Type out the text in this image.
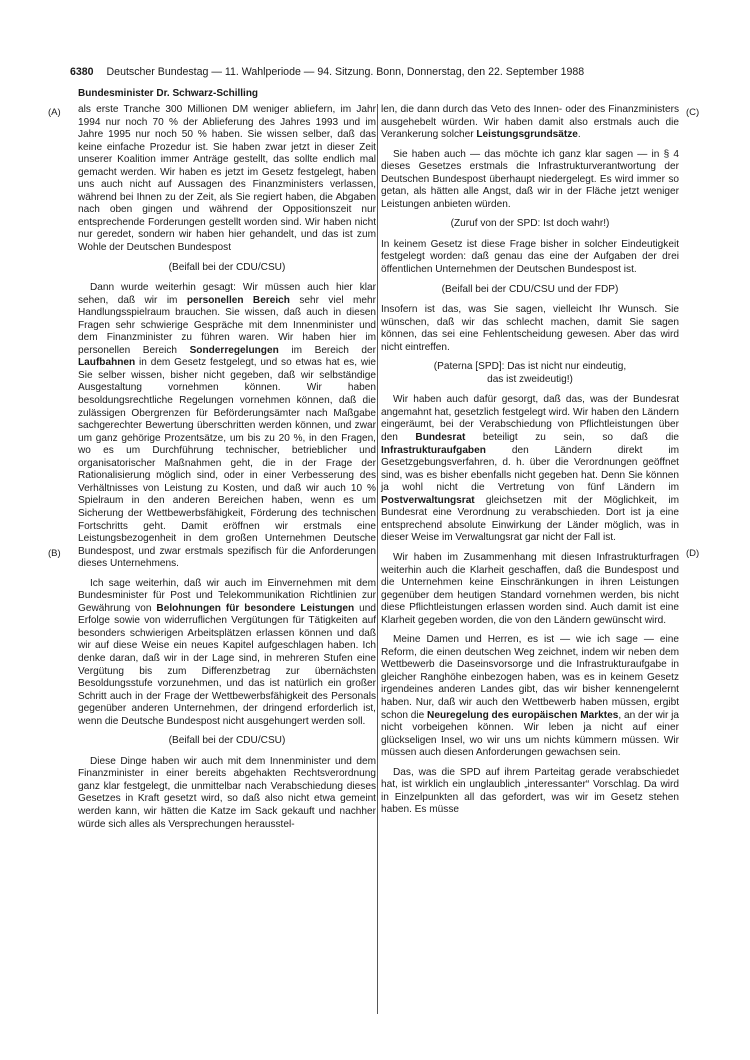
6380 Deutscher Bundestag — 11. Wahlperiode — 94. Sitzung. Bonn, Donnerstag, den 22. September 1988
Bundesminister Dr. Schwarz-Schilling
(A)
(B)
(C)
(D)

als erste Tranche 300 Millionen DM weniger abliefern, im Jahr 1994 nur noch 70 % der Ablieferung des Jahres 1993 und im Jahre 1995 nur noch 50 % haben. Sie wissen selber, daß das keine einfache Prozedur ist. Sie haben zwar jetzt in dieser Zeit unserer Koalition immer Anträge gestellt, das sollte endlich mal gemacht werden. Wir haben es jetzt im Gesetz festgelegt, haben uns auch nicht auf Aussagen des Finanzministers verlassen, während bei Ihnen zu der Zeit, als Sie regiert haben, die Abgaben nach oben gingen und während der Oppositionszeit nur entsprechende Forderungen gestellt worden sind. Wir haben nicht nur geredet, sondern wir haben hier gehandelt, und das ist zum Wohle der Deutschen Bundespost

(Beifall bei der CDU/CSU)

Dann wurde weiterhin gesagt: Wir müssen auch hier klar sehen, daß wir im personellen Bereich sehr viel mehr Handlungsspielraum brauchen. Sie wissen, daß auch in diesen Fragen sehr schwierige Gespräche mit dem Innenminister und dem Finanzminister zu führen waren. Wir haben hier im personellen Bereich Sonderregelungen im Bereich der Laufbahnen in dem Gesetz festgelegt, und so etwas hat es, wie Sie selber wissen, bisher nicht gegeben, daß wir selbständige Ausgestaltung vornehmen können. Wir haben besoldungsrechtliche Regelungen vornehmen können, daß die zulässigen Obergrenzen für Beförderungsämter nach Maßgabe sachgerechter Bewertung überschritten werden können, und zwar um ganz gehörige Prozentsätze, um bis zu 20 %, in den Fragen, wo es um Durchführung technischer, betrieblicher und organisatorischer Maßnahmen geht, die in der Frage der Rationalisierung möglich sind, oder in einer Verbesserung des Verhältnisses von Leistung zu Kosten, und daß wir auch 10 % Spielraum in den anderen Bereichen haben, wenn es um Sicherung der Wettbewerbsfähigkeit, Förderung des technischen Fortschritts geht. Damit eröffnen wir erstmals eine Leistungsbezogenheit in dem großen Unternehmen Deutsche Bundespost, und zwar erstmals spezifisch für die Anforderungen dieses Unternehmens.

Ich sage weiterhin, daß wir auch im Einvernehmen mit dem Bundesminister für Post und Telekommunikation Richtlinien zur Gewährung von Belohnungen für besondere Leistungen und Erfolge sowie von widerruflichen Vergütungen für Tätigkeiten auf besonders schwierigen Arbeitsplätzen erlassen können und daß wir auf diese Weise ein neues Kapitel aufgeschlagen haben. Ich denke daran, daß wir in der Lage sind, in mehreren Stufen eine Vergütung bis zum Differenzbetrag zur übernächsten Besoldungsstufe vorzunehmen, und das ist natürlich ein großer Schritt auch in der Frage der Wettbewerbsfähigkeit des Personals gegenüber anderen Unternehmen, der dringend erforderlich ist, wenn die Deutsche Bundespost nicht ausgehungert werden soll.

(Beifall bei der CDU/CSU)

Diese Dinge haben wir auch mit dem Innenminister und dem Finanzminister in einer bereits abgehakten Rechtsverordnung ganz klar festgelegt, die unmittelbar nach Verabschiedung dieses Gesetzes in Kraft gesetzt wird, so daß also nicht etwa gemeint werden kann, wir hätten die Katze im Sack gekauft und nachher würde sich alles als Versprechungen herausstel-

len, die dann durch das Veto des Innen- oder des Finanzministers ausgehebelt würden. Wir haben damit also erstmals auch die Verankerung solcher Leistungsgrundsätze.

Sie haben auch — das möchte ich ganz klar sagen — in § 4 dieses Gesetzes erstmals die Infrastrukturverantwortung der Deutschen Bundespost überhaupt niedergelegt. Es wird immer so getan, als hätten alle Angst, daß wir in der Fläche jetzt weniger Leistungen anbieten würden.

(Zuruf von der SPD: Ist doch wahr!)

In keinem Gesetz ist diese Frage bisher in solcher Eindeutigkeit festgelegt worden: daß genau das eine der Aufgaben der drei öffentlichen Unternehmen der Deutschen Bundespost ist.

(Beifall bei der CDU/CSU und der FDP)

Insofern ist das, was Sie sagen, vielleicht Ihr Wunsch. Sie wünschen, daß wir das schlecht machen, damit Sie sagen können, das sei eine Fehlentscheidung gewesen. Aber das wird nicht eintreffen.

(Paterna [SPD]: Das ist nicht nur eindeutig,
das ist zweideutig!)

Wir haben auch dafür gesorgt, daß das, was der Bundesrat angemahnt hat, gesetzlich festgelegt wird. Wir haben den Ländern eingeräumt, bei der Verabschiedung von Pflichtleistungen über den Bundesrat beteiligt zu sein, so daß die Infrastrukturaufgaben den Ländern direkt im Gesetzgebungsverfahren, d. h. über die Verordnungen geöffnet sind, was es bisher ebenfalls nicht gegeben hat. Denn Sie können ja wohl nicht die Vertretung von fünf Ländern im Postverwaltungsrat gleichsetzen mit der Möglichkeit, im Bundesrat eine Verordnung zu verabschieden. Dort ist ja eine entsprechend absolute Einwirkung der Länder möglich, was in dieser Weise im Verwaltungsrat gar nicht der Fall ist.

Wir haben im Zusammenhang mit diesen Infrastrukturfragen weiterhin auch die Klarheit geschaffen, daß die Bundespost und die Unternehmen keine Einschränkungen in ihren Leistungen gegenüber dem heutigen Standard vornehmen werden, bis nicht diese Pflichtleistungen erlassen worden sind. Auch damit ist eine Klarheit gegeben worden, die von den Ländern gewünscht wird.

Meine Damen und Herren, es ist — wie ich sage — eine Reform, die einen deutschen Weg zeichnet, indem wir neben dem Wettbewerb die Daseinsvorsorge und die Infrastrukturaufgabe in gleicher Ranghöhe einbezogen haben, was es in keinem Gesetz irgendeines anderen Landes gibt, das wir bisher kennengelernt haben. Nur, daß wir auch den Wettbewerb haben müssen, ergibt schon die Neuregelung des europäischen Marktes, an der wir ja nicht vorbeigehen können. Wir leben ja nicht auf einer glückseligen Insel, wo wir uns um nichts kümmern müssen. Wir müssen auch diesen Anforderungen gewachsen sein.

Das, was die SPD auf ihrem Parteitag gerade verabschiedet hat, ist wirklich ein unglaublich „interessanter“ Vorschlag. Da wird in Einzelpunkten all das gefordert, was wir im Gesetz stehen haben. Es müsse
